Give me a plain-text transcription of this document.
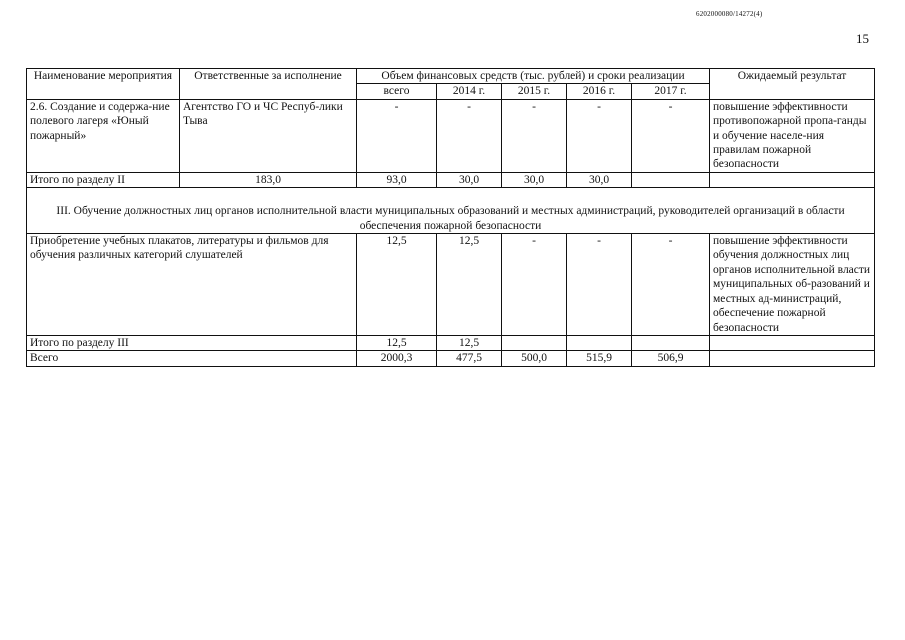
6202000080/14272(4)
15
Наименование мероприятия	Ответственные за исполнение	Объем финансовых средств (тыс. рублей) и сроки реализации					Ожидаемый результат
		всего	2014 г.	2015 г.	2016 г.	2017 г.	
2.6. Создание и содержа-ние полевого лагеря «Юный пожарный»	Агентство ГО и ЧС Респуб-лики Тыва	-	-	-	-	-	повышение эффективности противопожарной пропа-ганды и обучение населе-ния правилам пожарной безопасности
Итого по разделу II	183,0	93,0	30,0	30,0	30,0		
III. Обучение должностных лиц органов исполнительной власти муниципальных образований и местных администраций, руководителей организаций в области обеспечения пожарной безопасности							
Приобретение учебных плакатов, литературы и фильмов для обучения различных категорий слушателей		12,5	12,5	-	-	-	повышение эффективности обучения должностных лиц органов исполнительной власти муниципальных об-разований и местных ад-министраций, обеспечение пожарной безопасности
Итого по разделу III		12,5	12,5				
Всего		2000,3	477,5	500,0	515,9	506,9	
